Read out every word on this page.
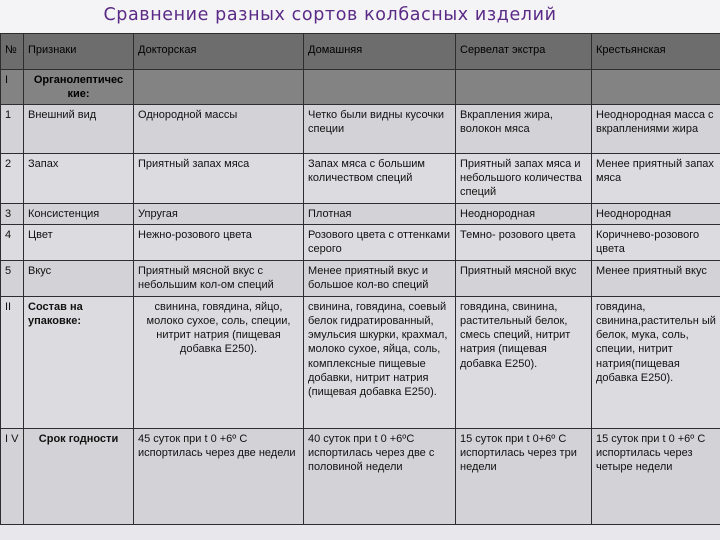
Сравнение разных сортов колбасных изделий
№	Признаки	Докторская	Домашняя	Сервелат экстра	Крестьянская
I	Органолептичес кие:				
1	Внешний вид	Однородной массы	Четко были видны кусочки специи	Вкрапления жира, волокон мяса	Неоднородная масса с вкраплениями жира
2	Запах	Приятный запах мяса	Запах мяса с большим количеством специй	Приятный запах мяса и небольшого количества специй	Менее приятный запах мяса
3	Консистенция	Упругая	Плотная	Неоднородная	Неоднородная
4	Цвет	Нежно-розового цвета	Розового цвета с оттенками серого	Темно- розового цвета	Коричнево-розового цвета
5	Вкус	Приятный мясной вкус с небольшим кол-ом специй	Менее приятный вкус и большое кол-во специй	Приятный мясной вкус	Менее приятный вкус
II	Состав на упаковке:	свинина, говядина, яйцо, молоко сухое, соль, специи, нитрит натрия (пищевая добавка Е250).	свинина, говядина, соевый белок гидратированный, эмульсия шкурки, крахмал, молоко сухое, яйца, соль, комплексные пищевые добавки, нитрит натрия (пищевая добавка Е250).	говядина, свинина, растительный белок, смесь специй, нитрит натрия (пищевая добавка Е250).	говядина, свинина,растительн ый белок, мука, соль, специи, нитрит натрия(пищевая добавка Е250).
I V	Срок годности	45 суток при t 0 +6º С испортилась через две недели	40 суток при t 0 +6ºС испортилась через две с половиной недели	15 суток при t 0+6º С испортилась через три недели	15 суток при t 0 +6º С испортилась через четыре недели
